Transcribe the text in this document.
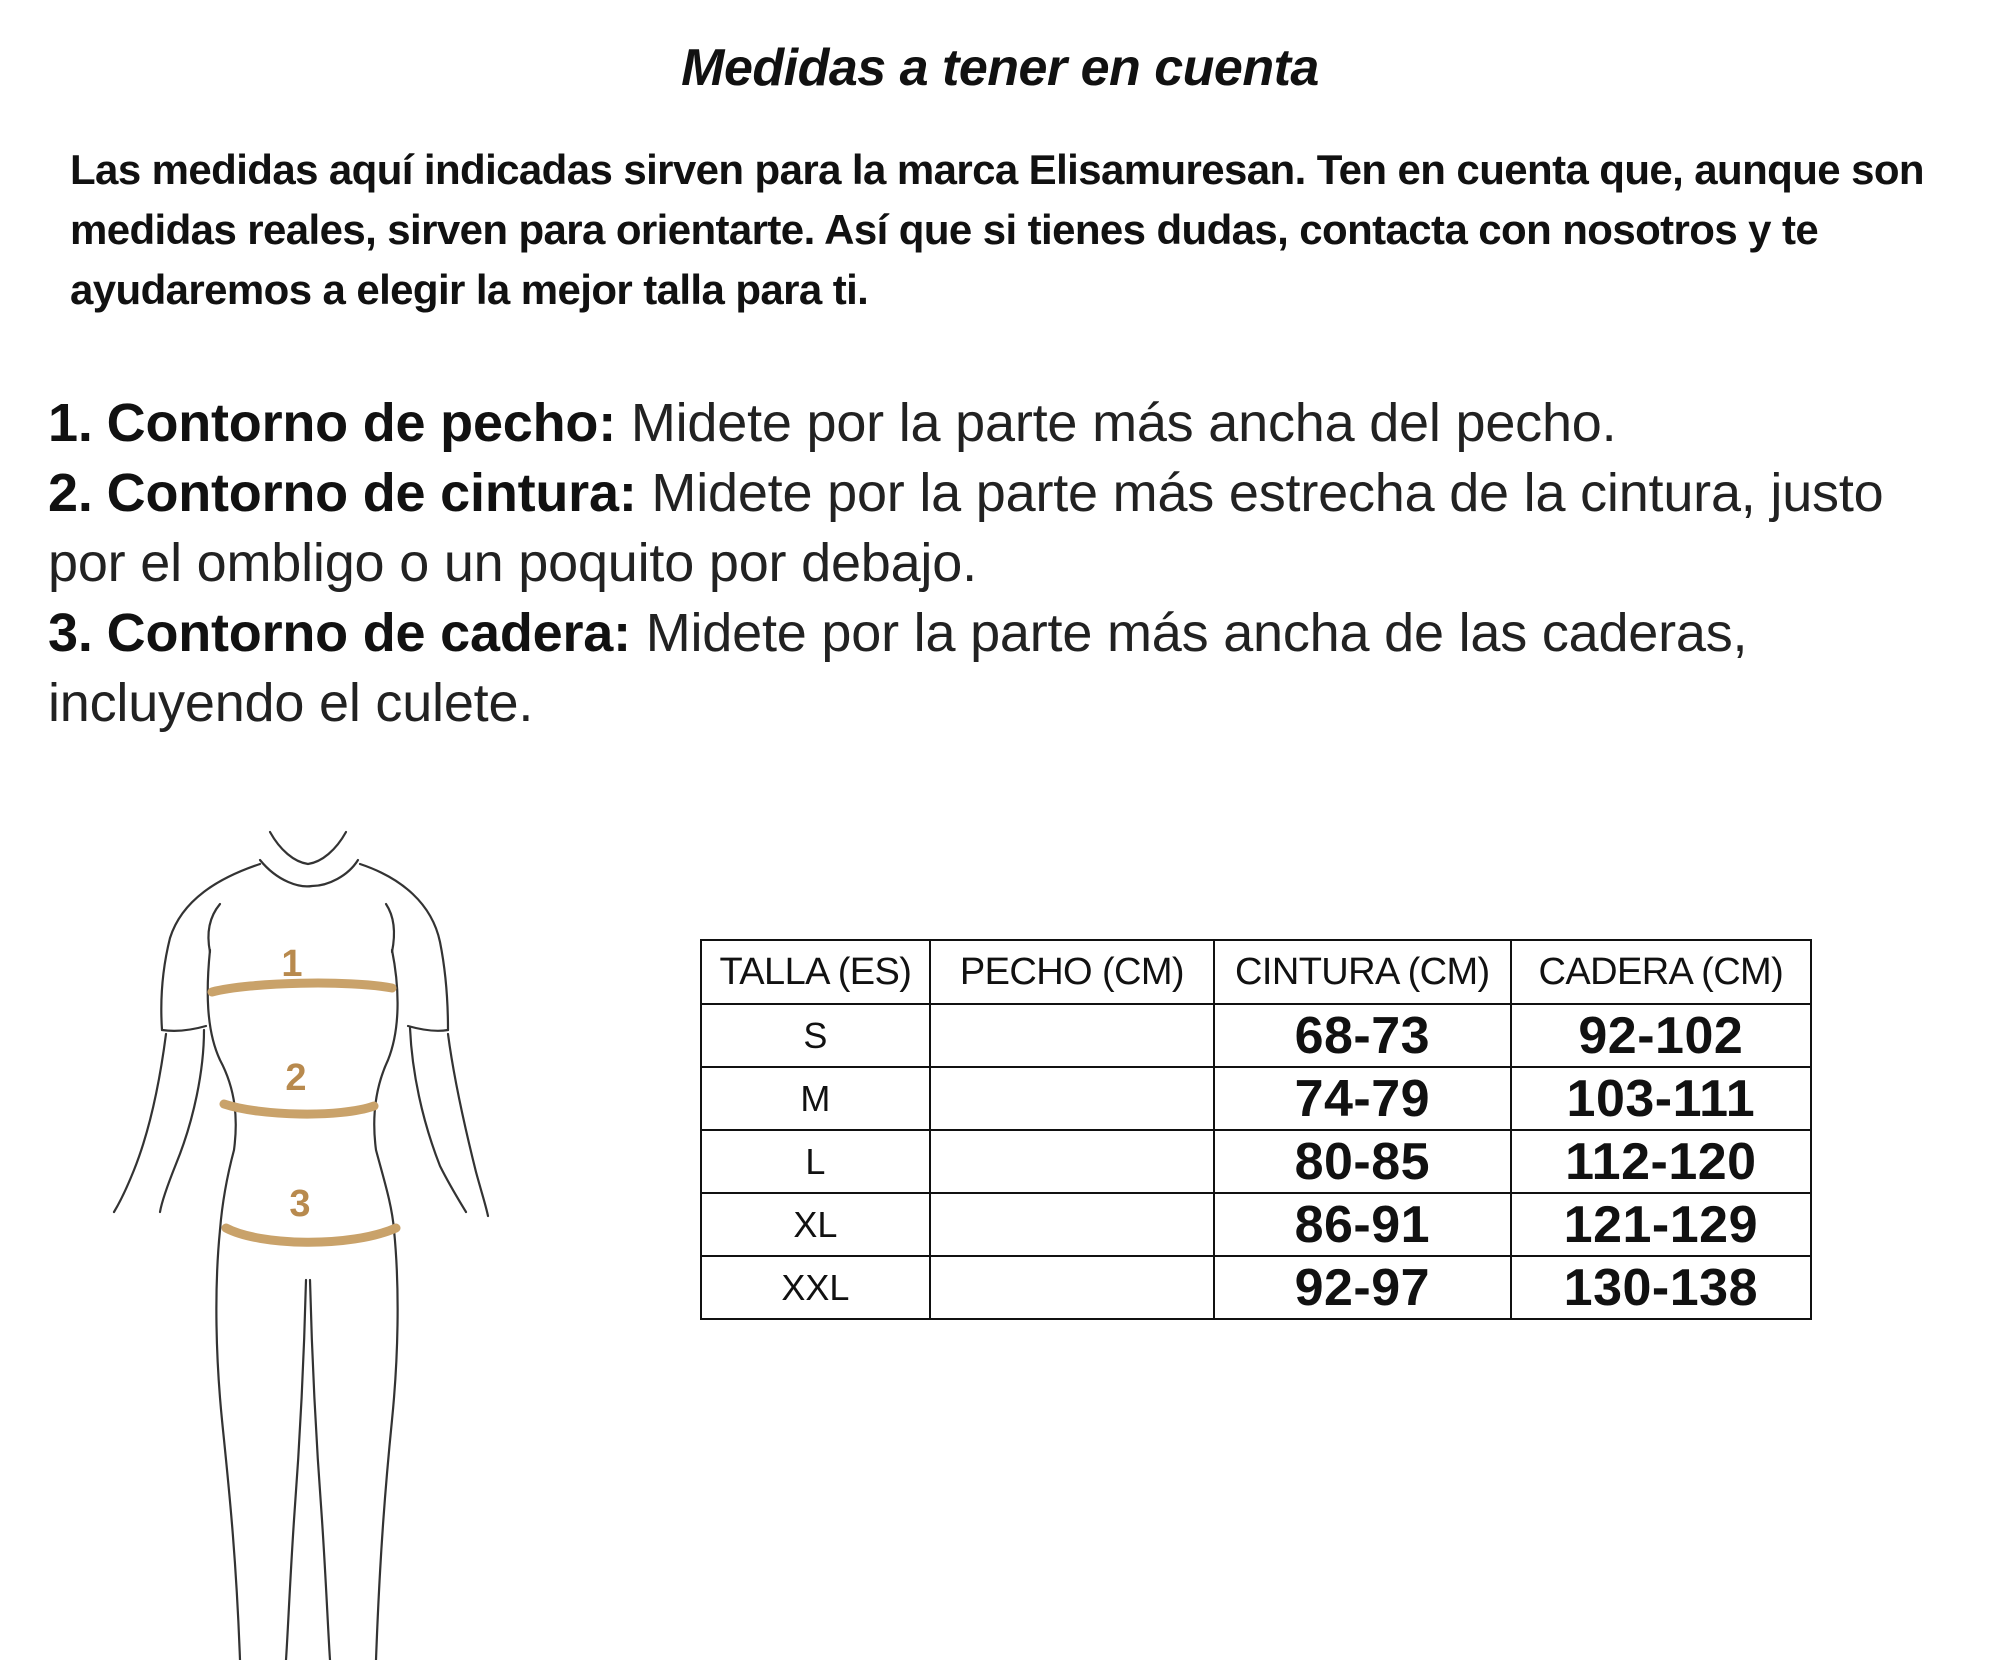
Medidas a tener en cuenta

Las medidas aquí indicadas sirven para la marca Elisamuresan. Ten en cuenta que, aunque son medidas reales, sirven para orientarte. Así que si tienes dudas, contacta con nosotros y te ayudaremos a elegir la mejor talla para ti.

1. Contorno de pecho: Midete por la parte más ancha del pecho.
2. Contorno de cintura: Midete por la parte más estrecha de la cintura, justo por el ombligo o un poquito por debajo.
3. Contorno de cadera: Midete por la parte más ancha de las caderas, incluyendo el culete.
1
2
3
TALLA (ES)	PECHO (CM)	CINTURA (CM)	CADERA (CM)
S		68-73	92-102
M		74-79	103-111
L		80-85	112-120
XL		86-91	121-129
XXL		92-97	130-138
